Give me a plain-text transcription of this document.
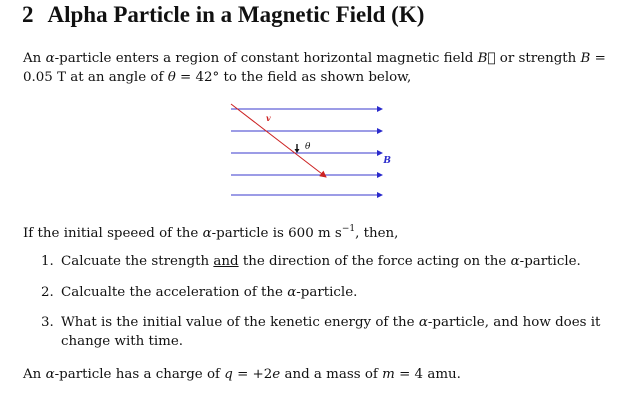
2 Alpha Particle in a Magnetic Field (K)
An α-particle enters a region of constant horizontal magnetic field B⃗ or strength B =
0.05 T at an angle of θ = 42° to the field as shown below,
v
θ
B
If the initial speeed of the α-particle is 600 m $s^{-1}$, then,
1. Calcuate the strength and the direction of the force acting on the α-particle.
2. Calcualte the acceleration of the α-particle.
3. What is the initial value of the kenetic energy of the α-particle, and how does it
change with time.
An α-particle has a charge of q = +2e and a mass of m = 4 amu.
